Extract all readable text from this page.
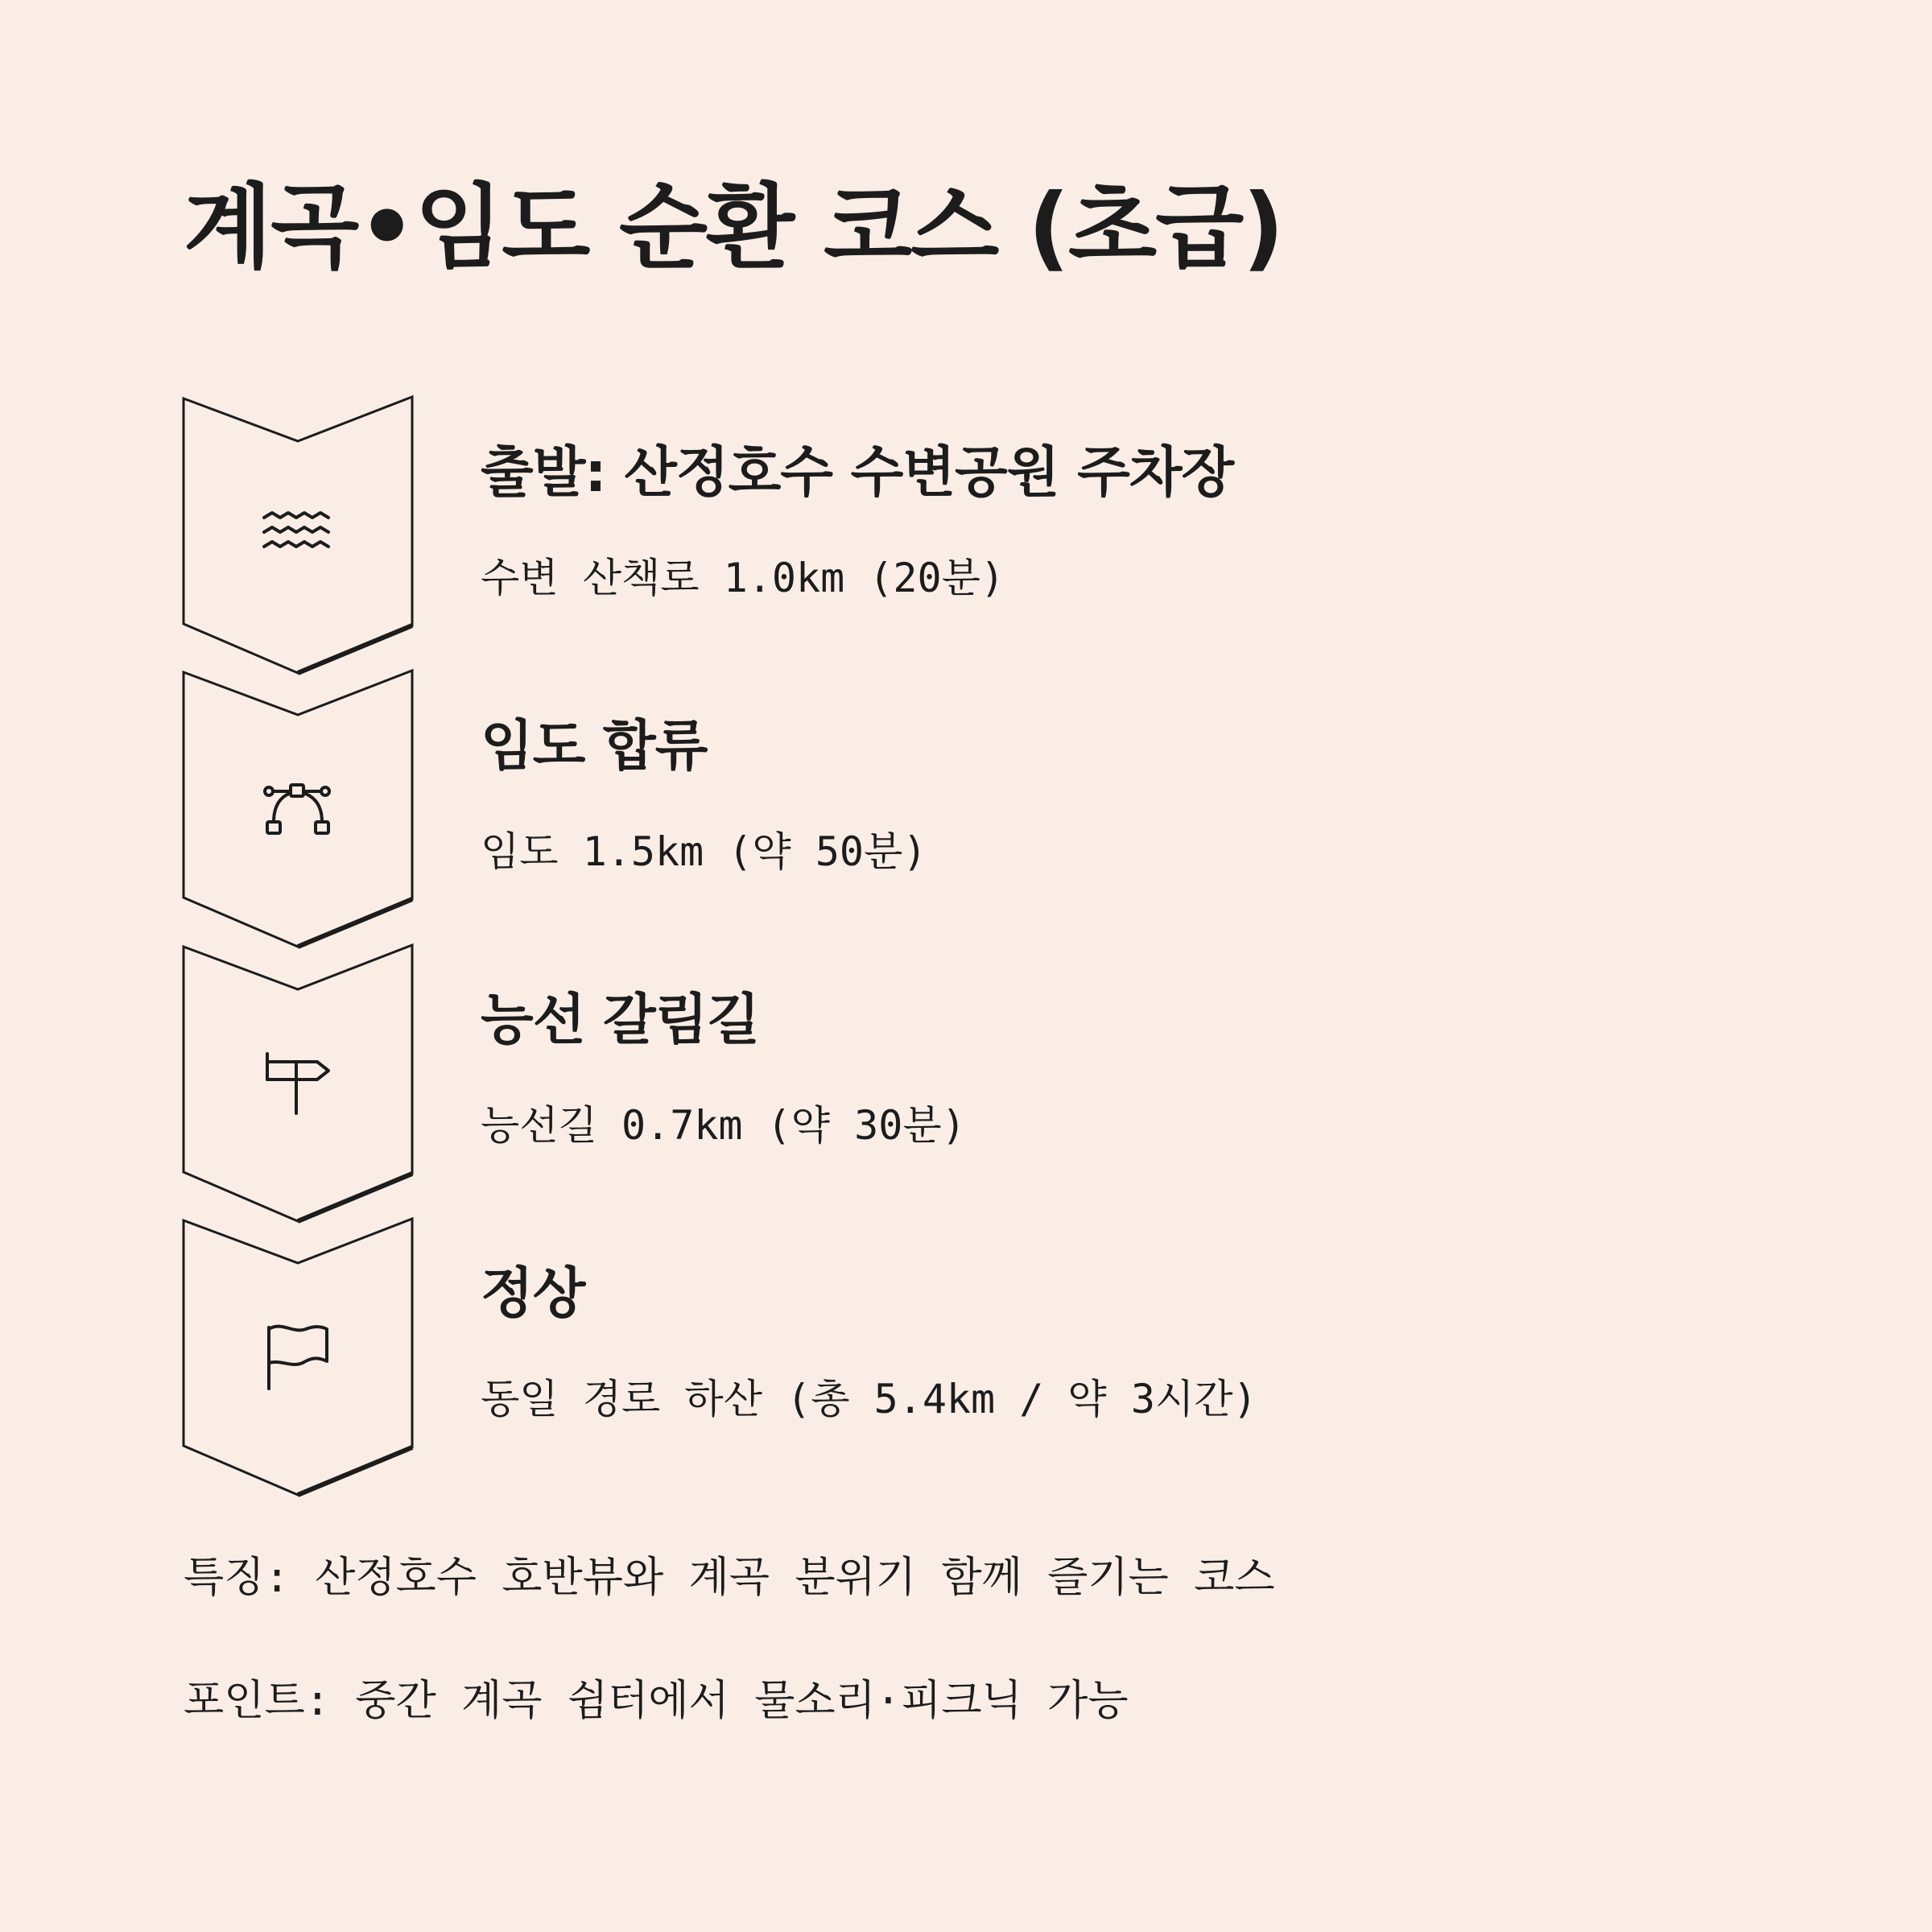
계곡•임도 순환 코스 (초급)
출발: 산정호수 수변공원 주차장

수변 산책로 1.0km (20분)

임도 합류

임도 1.5km (약 50분)

능선 갈림길

능선길 0.7km (약 30분)

정상

동일 경로 하산 (총 5.4km / 약 3시간)

특징: 산정호수 호반뷰와 계곡 분위기 함께 즐기는 코스

포인트: 중간 계곡 쉼터에서 물소리·피크닉 가능
